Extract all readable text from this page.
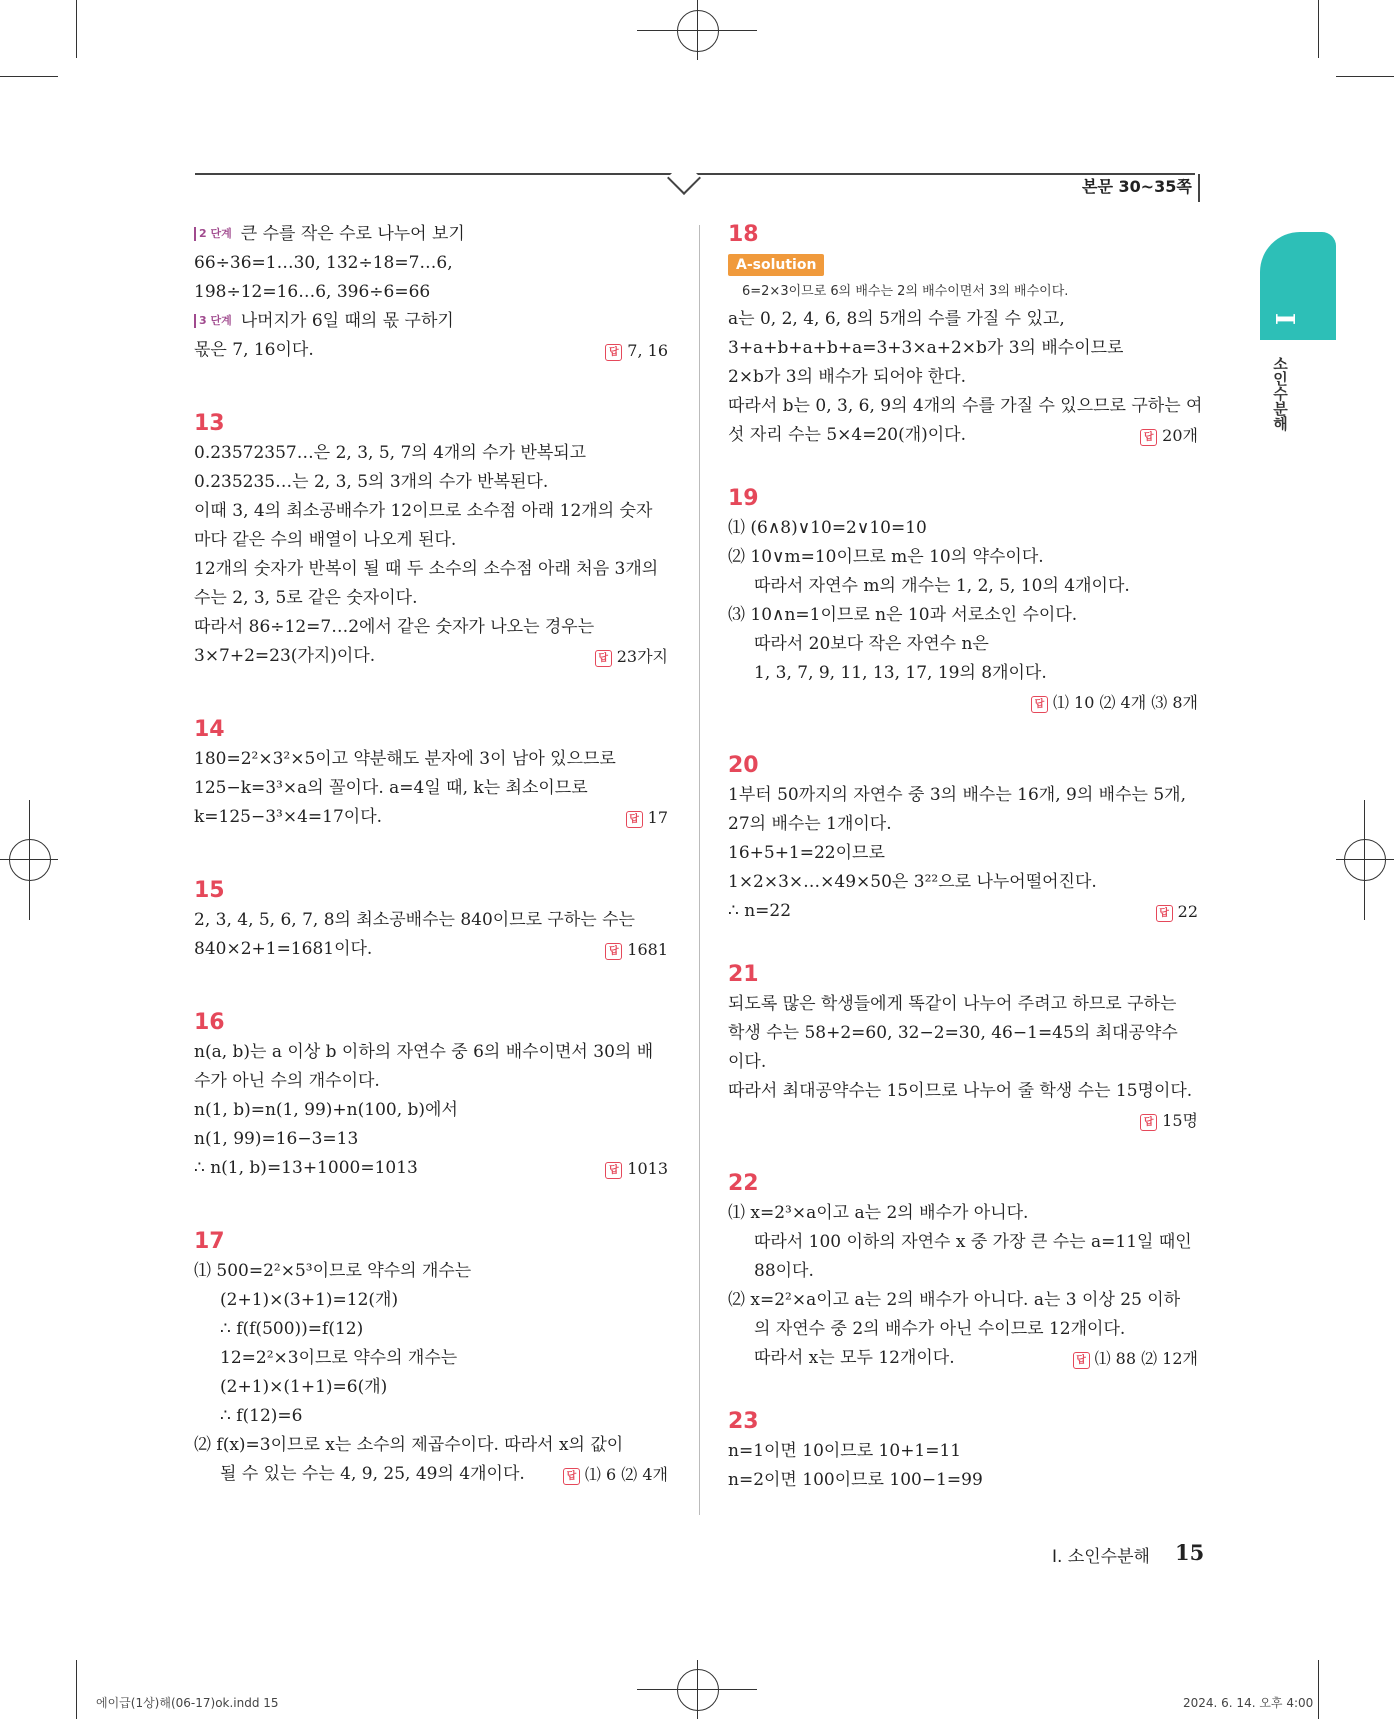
본문 30∼35쪽
I
소인수분해
2 단계 큰 수를 작은 수로 나누어 보기
66÷36=1…30, 132÷18=7…6,
198÷12=16…6, 396÷6=66
3 단계 나머지가 6일 때의 몫 구하기
몫은 7, 16이다.	답 7, 16
13
0.23572357…은 2, 3, 5, 7의 4개의 수가 반복되고
0.235235…는 2, 3, 5의 3개의 수가 반복된다.
이때 3, 4의 최소공배수가 12이므로 소수점 아래 12개의 숫자
마다 같은 수의 배열이 나오게 된다.
12개의 숫자가 반복이 될 때 두 소수의 소수점 아래 처음 3개의
수는 2, 3, 5로 같은 숫자이다.
따라서 86÷12=7…2에서 같은 숫자가 나오는 경우는
3×7+2=23(가지)이다.	답 23가지
14
180=2²×3²×5이고 약분해도 분자에 3이 남아 있으므로
125−k=3³×a의 꼴이다. a=4일 때, k는 최소이므로
k=125−3³×4=17이다.	답 17
15
2, 3, 4, 5, 6, 7, 8의 최소공배수는 840이므로 구하는 수는
840×2+1=1681이다.	답 1681
16
n(a, b)는 a 이상 b 이하의 자연수 중 6의 배수이면서 30의 배
수가 아닌 수의 개수이다.
n(1, b)=n(1, 99)+n(100, b)에서
n(1, 99)=16−3=13
∴ n(1, b)=13+1000=1013	답 1013
17
⑴ 500=2²×5³이므로 약수의 개수는
(2+1)×(3+1)=12(개)
∴ f(f(500))=f(12)
12=2²×3이므로 약수의 개수는
(2+1)×(1+1)=6(개)
∴ f(12)=6
⑵ f(x)=3이므로 x는 소수의 제곱수이다. 따라서 x의 값이
될 수 있는 수는 4, 9, 25, 49의 4개이다.	답 ⑴ 6 ⑵ 4개
18
A-solution
6=2×3이므로 6의 배수는 2의 배수이면서 3의 배수이다.
a는 0, 2, 4, 6, 8의 5개의 수를 가질 수 있고,
3+a+b+a+b+a=3+3×a+2×b가 3의 배수이므로
2×b가 3의 배수가 되어야 한다.
따라서 b는 0, 3, 6, 9의 4개의 수를 가질 수 있으므로 구하는 여
섯 자리 수는 5×4=20(개)이다.	답 20개
19
⑴ (6∧8)∨10=2∨10=10
⑵ 10∨m=10이므로 m은 10의 약수이다.
따라서 자연수 m의 개수는 1, 2, 5, 10의 4개이다.
⑶ 10∧n=1이므로 n은 10과 서로소인 수이다.
따라서 20보다 작은 자연수 n은
1, 3, 7, 9, 11, 13, 17, 19의 8개이다.

답 ⑴ 10 ⑵ 4개 ⑶ 8개
20
1부터 50까지의 자연수 중 3의 배수는 16개, 9의 배수는 5개,
27의 배수는 1개이다.
16+5+1=22이므로
1×2×3×…×49×50은 3²²으로 나누어떨어진다.
∴ n=22	답 22
21
되도록 많은 학생들에게 똑같이 나누어 주려고 하므로 구하는
학생 수는 58+2=60, 32−2=30, 46−1=45의 최대공약수
이다.
따라서 최대공약수는 15이므로 나누어 줄 학생 수는 15명이다.

답 15명
22
⑴ x=2³×a이고 a는 2의 배수가 아니다.
따라서 100 이하의 자연수 x 중 가장 큰 수는 a=11일 때인
88이다.
⑵ x=2²×a이고 a는 2의 배수가 아니다. a는 3 이상 25 이하
의 자연수 중 2의 배수가 아닌 수이므로 12개이다.
따라서 x는 모두 12개이다.	답 ⑴ 88 ⑵ 12개
23
n=1이면 10이므로 10+1=11
n=2이면 100이므로 100−1=99
I. 소인수분해 15
에이급(1상)해(06-17)ok.indd 15	2024. 6. 14. 오후 4:00
